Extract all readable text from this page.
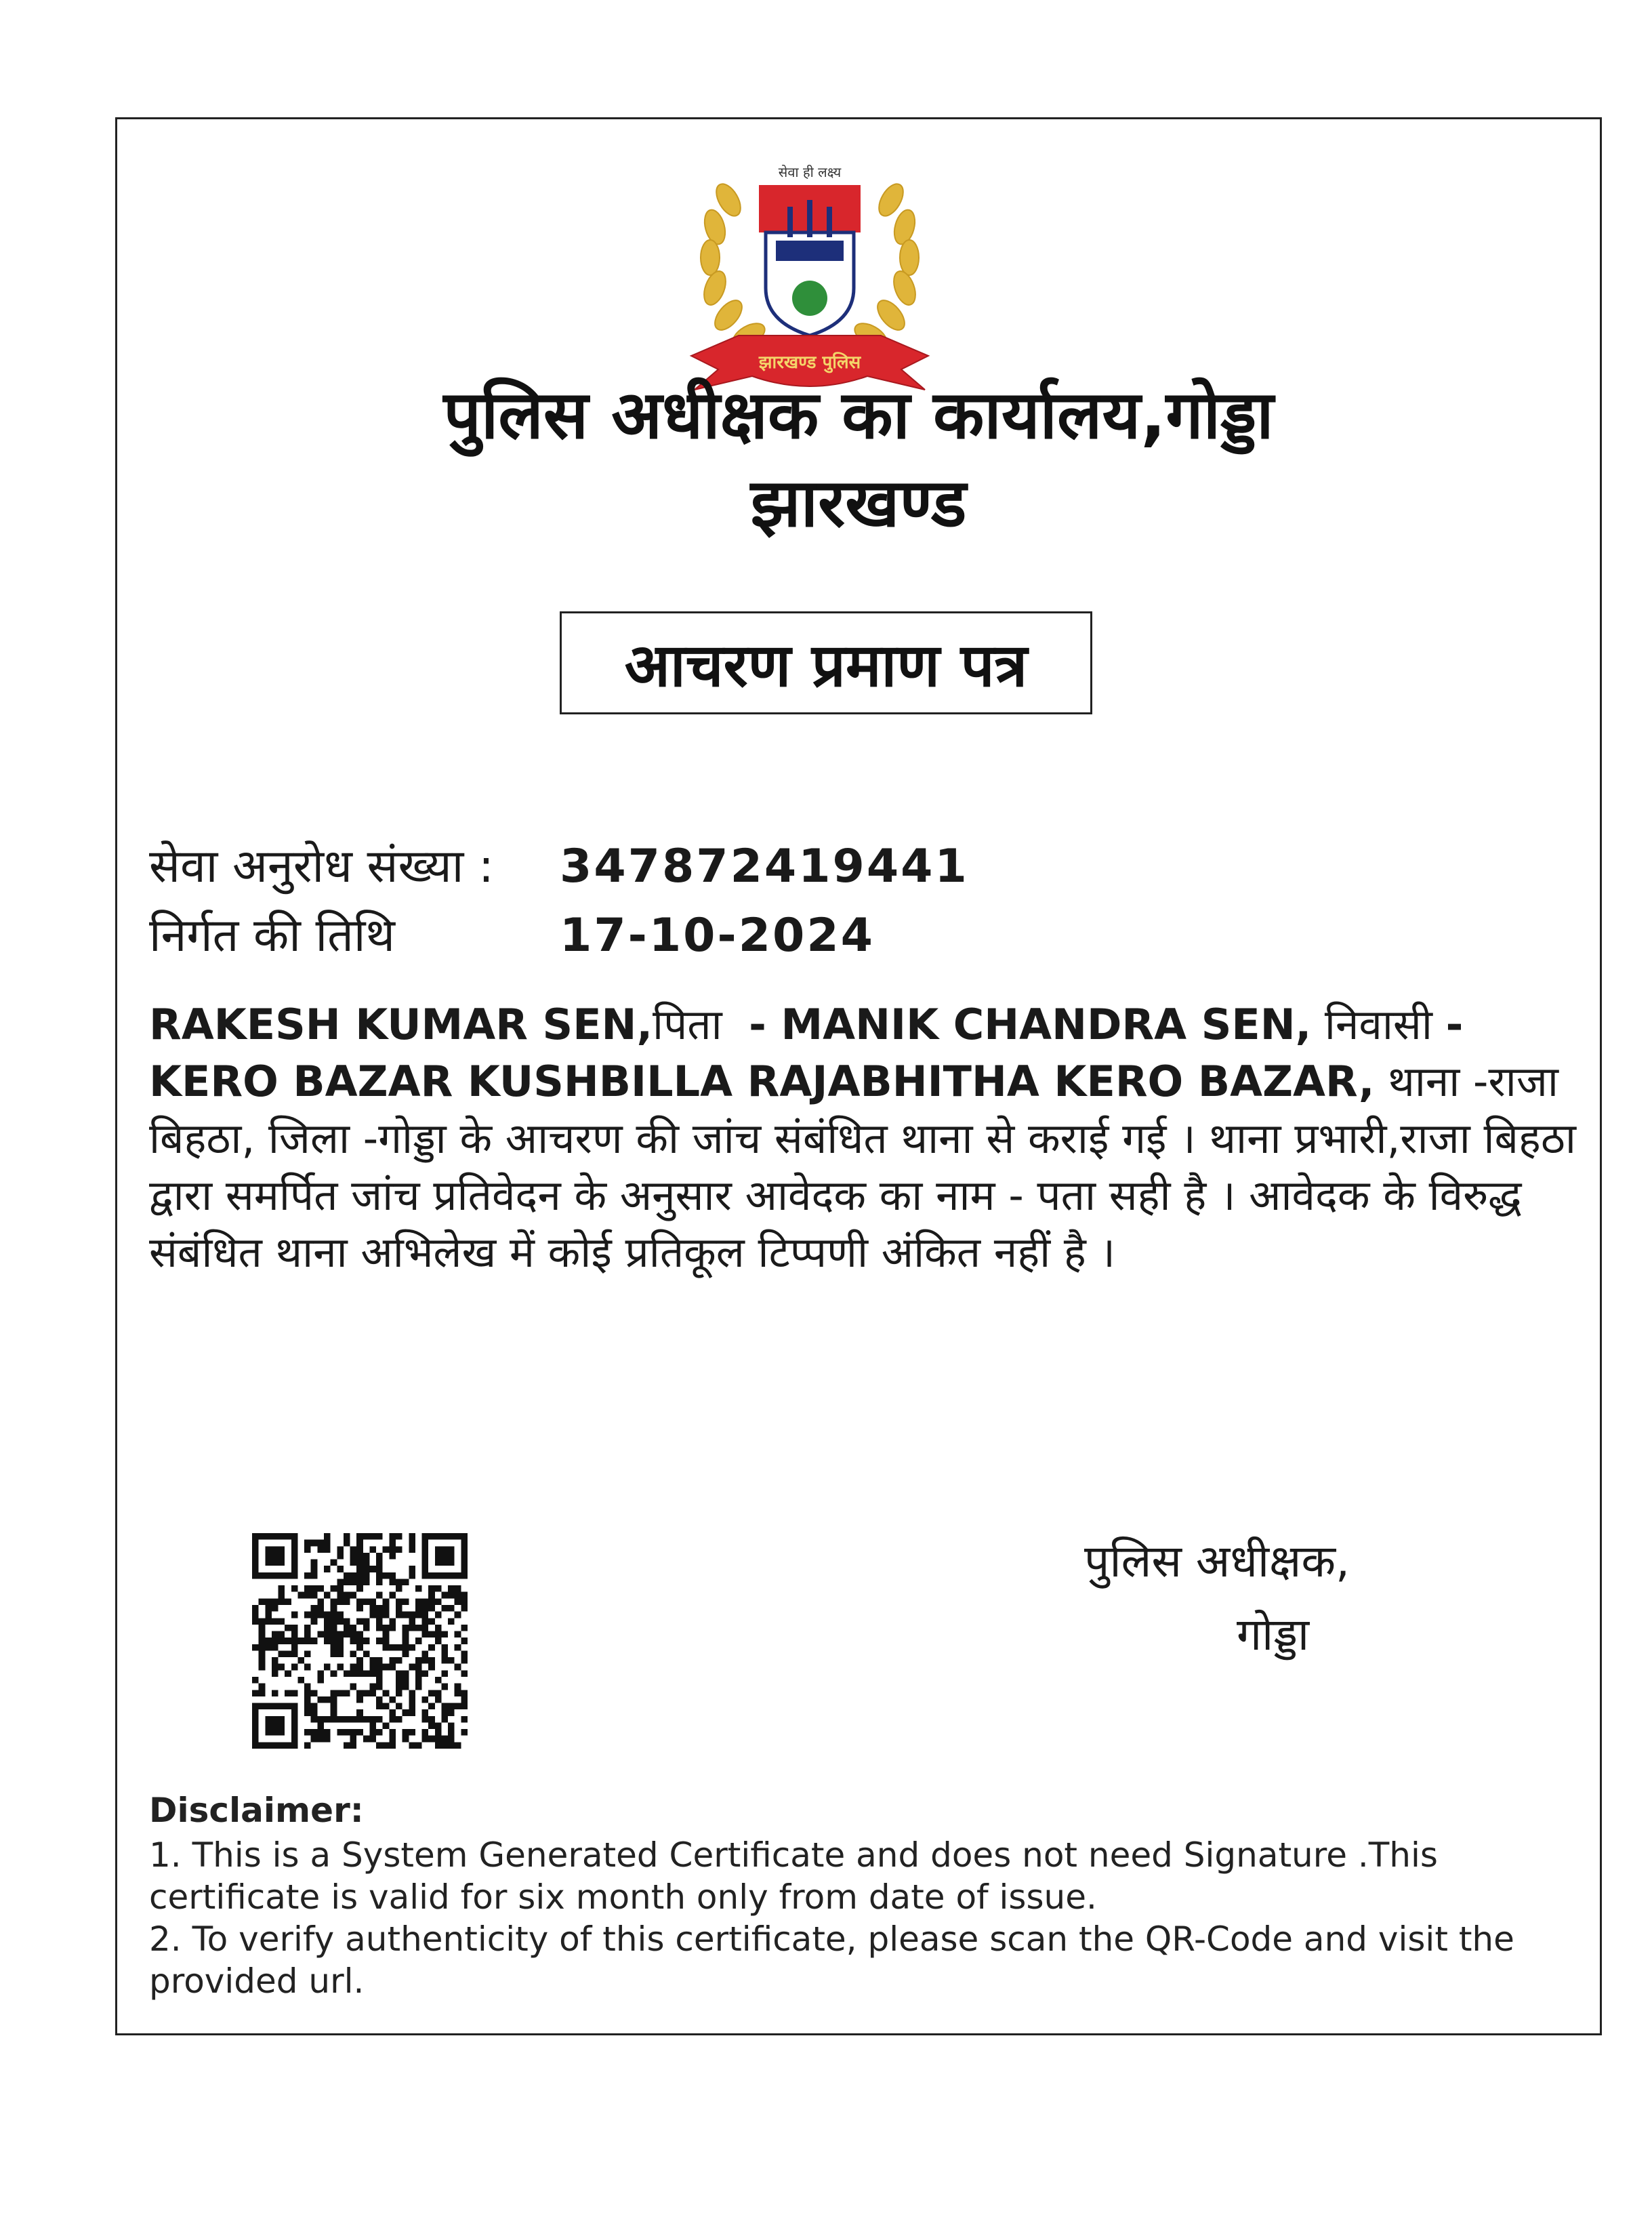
सेवा ही लक्ष्य
झारखण्ड पुलिस
पुलिस अधीक्षक का कार्यालय,गोड्डा
झारखण्ड
आचरण प्रमाण पत्र
सेवा अनुरोध संख्या :	347872419441
निर्गत की तिथि	17-10-2024

RAKESH KUMAR SEN,पिता - MANIK CHANDRA SEN, निवासी - KERO BAZAR KUSHBILLA RAJABHITHA KERO BAZAR, थाना -राजा बिहठा, जिला -गोड्डा के आचरण की जांच संबंधित थाना से कराई गई । थाना प्रभारी,राजा बिहठा द्वारा समर्पित जांच प्रतिवेदन के अनुसार आवेदक का नाम - पता सही है । आवेदक के विरुद्ध संबंधित थाना अभिलेख में कोई प्रतिकूल टिप्पणी अंकित नहीं है ।

पुलिस अधीक्षक,
गोड्डा
Disclaimer:
1. This is a System Generated Certificate and does not need Signature .This certificate is valid for six month only from date of issue.
2. To verify authenticity of this certificate, please scan the QR-Code and visit the provided url.
